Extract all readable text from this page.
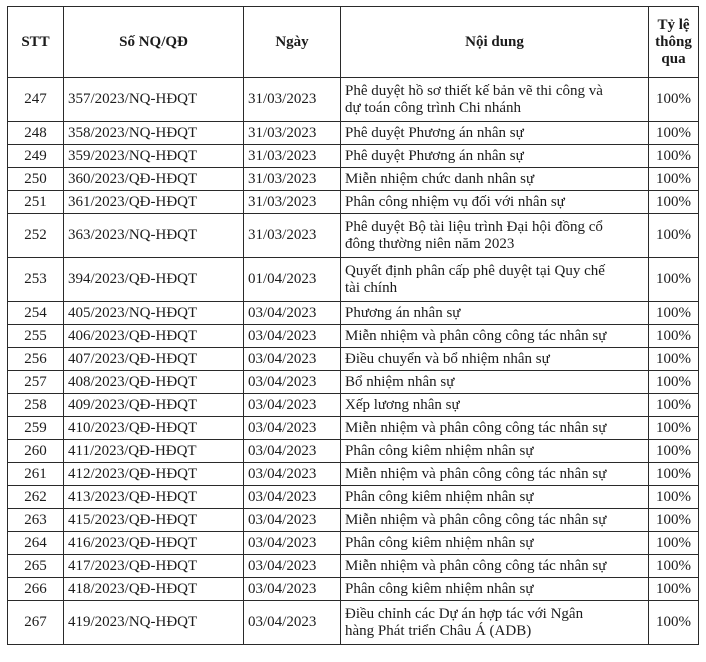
STT	Số NQ/QĐ	Ngày	Nội dung	Tỷ lệ
thông
qua
247	357/2023/NQ-HĐQT	31/03/2023	Phê duyệt hồ sơ thiết kế bản vẽ thi công và
dự toán công trình Chi nhánh	100%
248	358/2023/NQ-HĐQT	31/03/2023	Phê duyệt Phương án nhân sự	100%
249	359/2023/NQ-HĐQT	31/03/2023	Phê duyệt Phương án nhân sự	100%
250	360/2023/QĐ-HĐQT	31/03/2023	Miễn nhiệm chức danh nhân sự	100%
251	361/2023/QĐ-HĐQT	31/03/2023	Phân công nhiệm vụ đối với nhân sự	100%
252	363/2023/NQ-HĐQT	31/03/2023	Phê duyệt Bộ tài liệu trình Đại hội đồng cổ
đông thường niên năm 2023	100%
253	394/2023/QĐ-HĐQT	01/04/2023	Quyết định phân cấp phê duyệt tại Quy chế
tài chính	100%
254	405/2023/NQ-HĐQT	03/04/2023	Phương án nhân sự	100%
255	406/2023/QĐ-HĐQT	03/04/2023	Miễn nhiệm và phân công công tác nhân sự	100%
256	407/2023/QĐ-HĐQT	03/04/2023	Điều chuyển và bổ nhiệm nhân sự	100%
257	408/2023/QĐ-HĐQT	03/04/2023	Bổ nhiệm nhân sự	100%
258	409/2023/QĐ-HĐQT	03/04/2023	Xếp lương nhân sự	100%
259	410/2023/QĐ-HĐQT	03/04/2023	Miễn nhiệm và phân công công tác nhân sự	100%
260	411/2023/QĐ-HĐQT	03/04/2023	Phân công kiêm nhiệm nhân sự	100%
261	412/2023/QĐ-HĐQT	03/04/2023	Miễn nhiệm và phân công công tác nhân sự	100%
262	413/2023/QĐ-HĐQT	03/04/2023	Phân công kiêm nhiệm nhân sự	100%
263	415/2023/QĐ-HĐQT	03/04/2023	Miễn nhiệm và phân công công tác nhân sự	100%
264	416/2023/QĐ-HĐQT	03/04/2023	Phân công kiêm nhiệm nhân sự	100%
265	417/2023/QĐ-HĐQT	03/04/2023	Miễn nhiệm và phân công công tác nhân sự	100%
266	418/2023/QĐ-HĐQT	03/04/2023	Phân công kiêm nhiệm nhân sự	100%
267	419/2023/NQ-HĐQT	03/04/2023	Điều chỉnh các Dự án hợp tác với Ngân
hàng Phát triển Châu Á (ADB)	100%
